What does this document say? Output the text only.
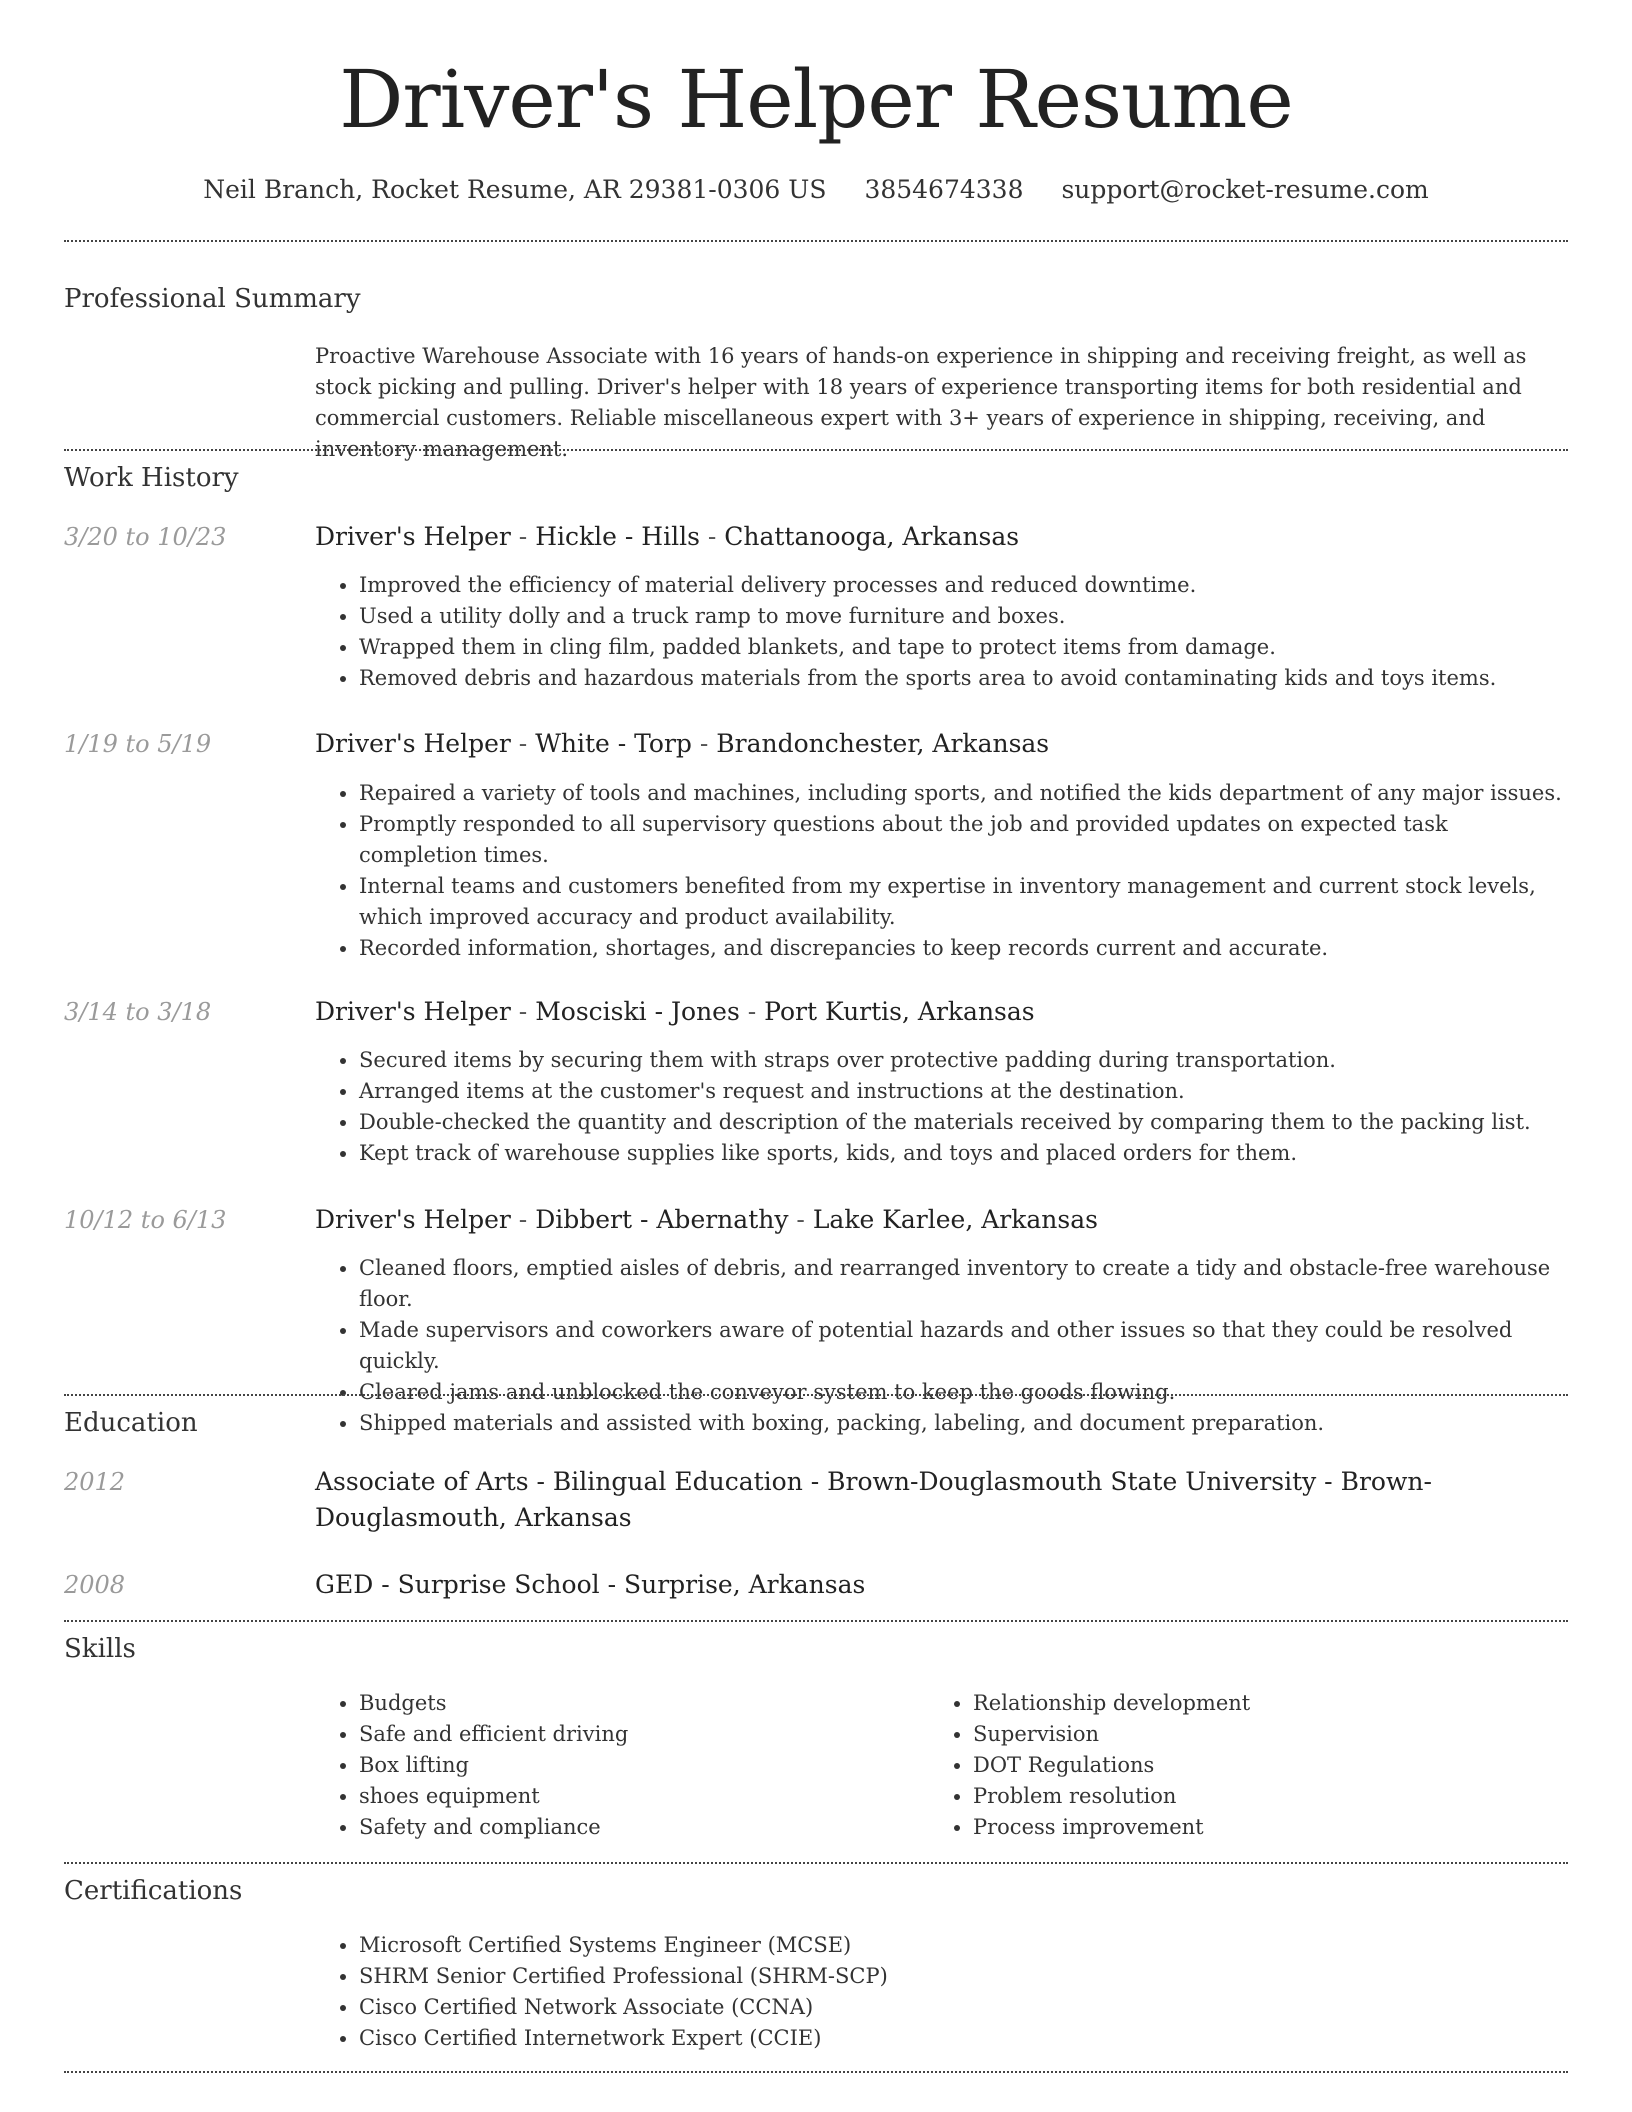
Driver's Helper Resume
Neil Branch, Rocket Resume, AR 29381-0306 US 3854674338 support@rocket-resume.com
Professional Summary

Proactive Warehouse Associate with 16 years of hands-on experience in shipping and receiving freight, as well as stock picking and pulling. Driver's helper with 18 years of experience transporting items for both residential and commercial customers. Reliable miscellaneous expert with 3+ years of experience in shipping, receiving, and inventory management.

Work History
3/20 to 10/23	Driver's Helper - Hickle - Hills - Chattanooga, Arkansas
• Improved the efficiency of material delivery processes and reduced downtime.
• Used a utility dolly and a truck ramp to move furniture and boxes.
• Wrapped them in cling film, padded blankets, and tape to protect items from damage.
• Removed debris and hazardous materials from the sports area to avoid contaminating kids and toys items.
1/19 to 5/19	Driver's Helper - White - Torp - Brandonchester, Arkansas
• Repaired a variety of tools and machines, including sports, and notified the kids department of any major issues.
• Promptly responded to all supervisory questions about the job and provided updates on expected task completion times.
• Internal teams and customers benefited from my expertise in inventory management and current stock levels, which improved accuracy and product availability.
• Recorded information, shortages, and discrepancies to keep records current and accurate.
3/14 to 3/18	Driver's Helper - Mosciski - Jones - Port Kurtis, Arkansas
• Secured items by securing them with straps over protective padding during transportation.
• Arranged items at the customer's request and instructions at the destination.
• Double-checked the quantity and description of the materials received by comparing them to the packing list.
• Kept track of warehouse supplies like sports, kids, and toys and placed orders for them.
10/12 to 6/13	Driver's Helper - Dibbert - Abernathy - Lake Karlee, Arkansas
• Cleaned floors, emptied aisles of debris, and rearranged inventory to create a tidy and obstacle-free warehouse floor.
• Made supervisors and coworkers aware of potential hazards and other issues so that they could be resolved quickly.
• Cleared jams and unblocked the conveyor system to keep the goods flowing.
• Shipped materials and assisted with boxing, packing, labeling, and document preparation.
Education
2012	Associate of Arts - Bilingual Education - Brown-Douglasmouth State University - Brown-Douglasmouth, Arkansas
2008	GED - Surprise School - Surprise, Arkansas
Skills
• Budgets
• Safe and efficient driving
• Box lifting
• shoes equipment
• Safety and compliance
• Relationship development
• Supervision
• DOT Regulations
• Problem resolution
• Process improvement
Certifications
• Microsoft Certified Systems Engineer (MCSE)
• SHRM Senior Certified Professional (SHRM-SCP)
• Cisco Certified Network Associate (CCNA)
• Cisco Certified Internetwork Expert (CCIE)
